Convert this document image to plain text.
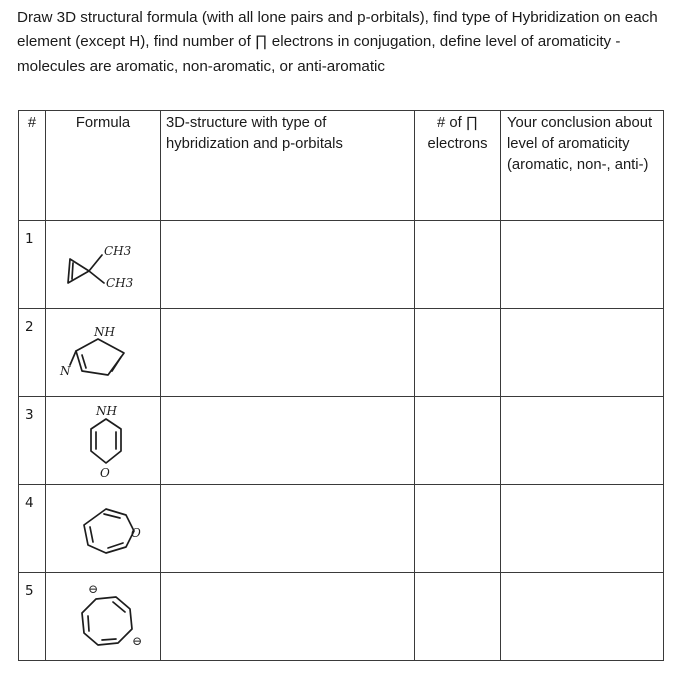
Draw 3D structural formula (with all lone pairs and p-orbitals), find type of Hybridization on each element (except H), find number of ∏ electrons in conjugation, define level of aromaticity - molecules are aromatic, non-aromatic, or anti-aromatic

#	Formula	3D-structure with type of hybridization and p-orbitals	# of ∏ electrons	Your conclusion about level of aromaticity (aromatic, non-, anti-)
1	CH3
CH3			

2	NH
N			

3	NH
O			

4	O			

5	⊖
⊖			
